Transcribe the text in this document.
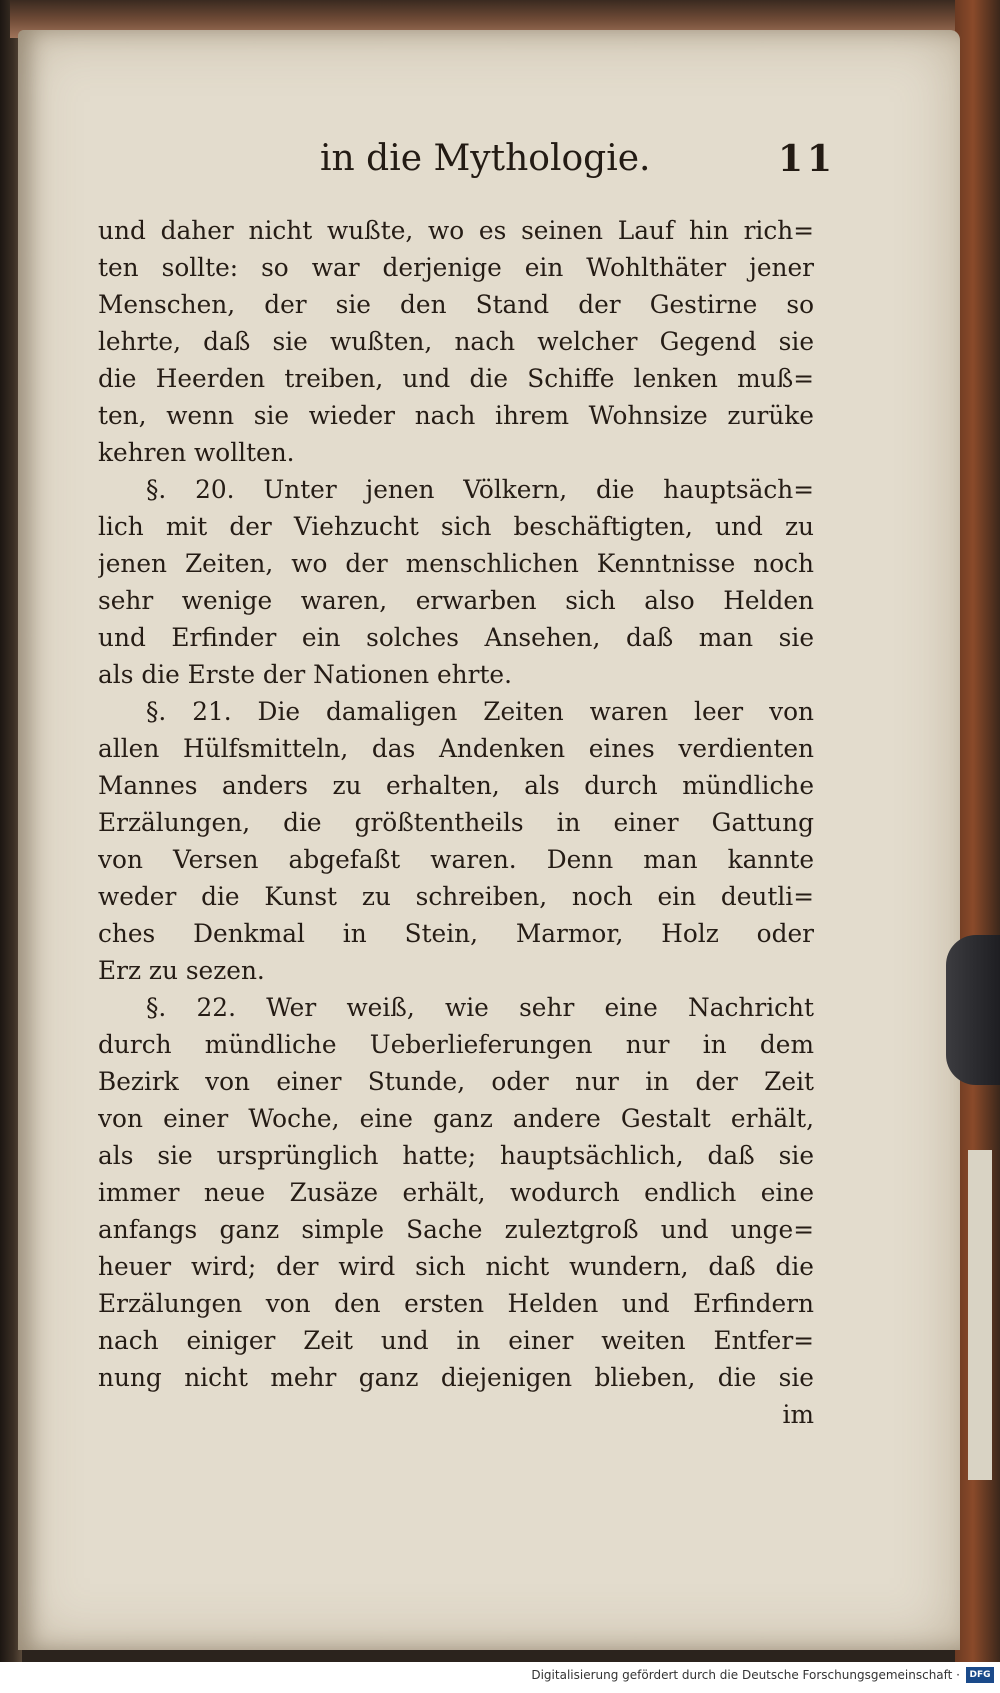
in die Mythologie.	11
und daher nicht wußte, wo es seinen Lauf hin rich=
ten sollte: so war derjenige ein Wohlthäter jener
Menschen, der sie den Stand der Gestirne so
lehrte, daß sie wußten, nach welcher Gegend sie
die Heerden treiben, und die Schiffe lenken muß=
ten, wenn sie wieder nach ihrem Wohnsize zurüke
kehren wollten.
§. 20. Unter jenen Völkern, die hauptsäch=
lich mit der Viehzucht sich beschäftigten, und zu
jenen Zeiten, wo der menschlichen Kenntnisse noch
sehr wenige waren, erwarben sich also Helden
und Erfinder ein solches Ansehen, daß man sie
als die Erste der Nationen ehrte.
§. 21. Die damaligen Zeiten waren leer von
allen Hülfsmitteln, das Andenken eines verdienten
Mannes anders zu erhalten, als durch mündliche
Erzälungen, die größtentheils in einer Gattung
von Versen abgefaßt waren. Denn man kannte
weder die Kunst zu schreiben, noch ein deutli=
ches Denkmal in Stein, Marmor, Holz oder
Erz zu sezen.
§. 22. Wer weiß, wie sehr eine Nachricht
durch mündliche Ueberlieferungen nur in dem
Bezirk von einer Stunde, oder nur in der Zeit
von einer Woche, eine ganz andere Gestalt erhält,
als sie ursprünglich hatte; hauptsächlich, daß sie
immer neue Zusäze erhält, wodurch endlich eine
anfangs ganz simple Sache zuleztgroß und unge=
heuer wird; der wird sich nicht wundern, daß die
Erzälungen von den ersten Helden und Erfindern
nach einiger Zeit und in einer weiten Entfer=
nung nicht mehr ganz diejenigen blieben, die sie
im
Digitalisierung gefördert durch die Deutsche Forschungsgemeinschaft ·	DFG
